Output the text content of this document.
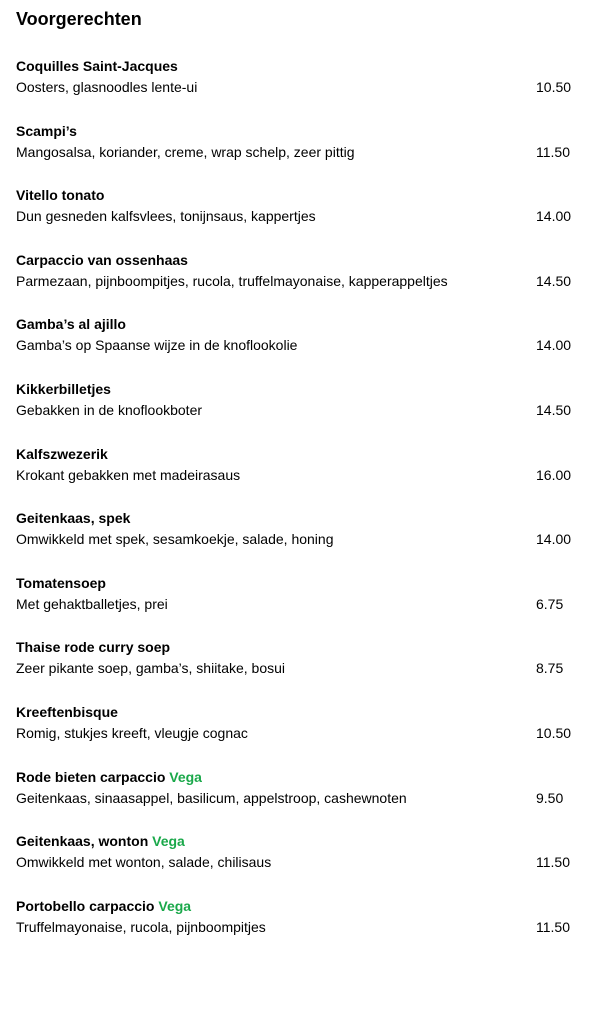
Voorgerechten
Coquilles Saint-Jacques
Oosters, glasnoodles lente-ui	10.50
Scampi’s
Mangosalsa, koriander, creme, wrap schelp, zeer pittig	11.50
Vitello tonato
Dun gesneden kalfsvlees, tonijnsaus, kappertjes	14.00
Carpaccio van ossenhaas
Parmezaan, pijnboompitjes, rucola, truffelmayonaise, kapperappeltjes	14.50
Gamba’s al ajillo
Gamba’s op Spaanse wijze in de knoflookolie	14.00
Kikkerbilletjes
Gebakken in de knoflookboter	14.50
Kalfszwezerik
Krokant gebakken met madeirasaus	16.00
Geitenkaas, spek
Omwikkeld met spek, sesamkoekje, salade, honing	14.00
Tomatensoep
Met gehaktballetjes, prei	6.75
Thaise rode curry soep
Zeer pikante soep, gamba’s, shiitake, bosui	8.75
Kreeftenbisque
Romig, stukjes kreeft, vleugje cognac	10.50
Rode bieten carpaccio Vega
Geitenkaas, sinaasappel, basilicum, appelstroop, cashewnoten	9.50
Geitenkaas, wonton Vega
Omwikkeld met wonton, salade, chilisaus	11.50
Portobello carpaccio Vega
Truffelmayonaise, rucola, pijnboompitjes	11.50
